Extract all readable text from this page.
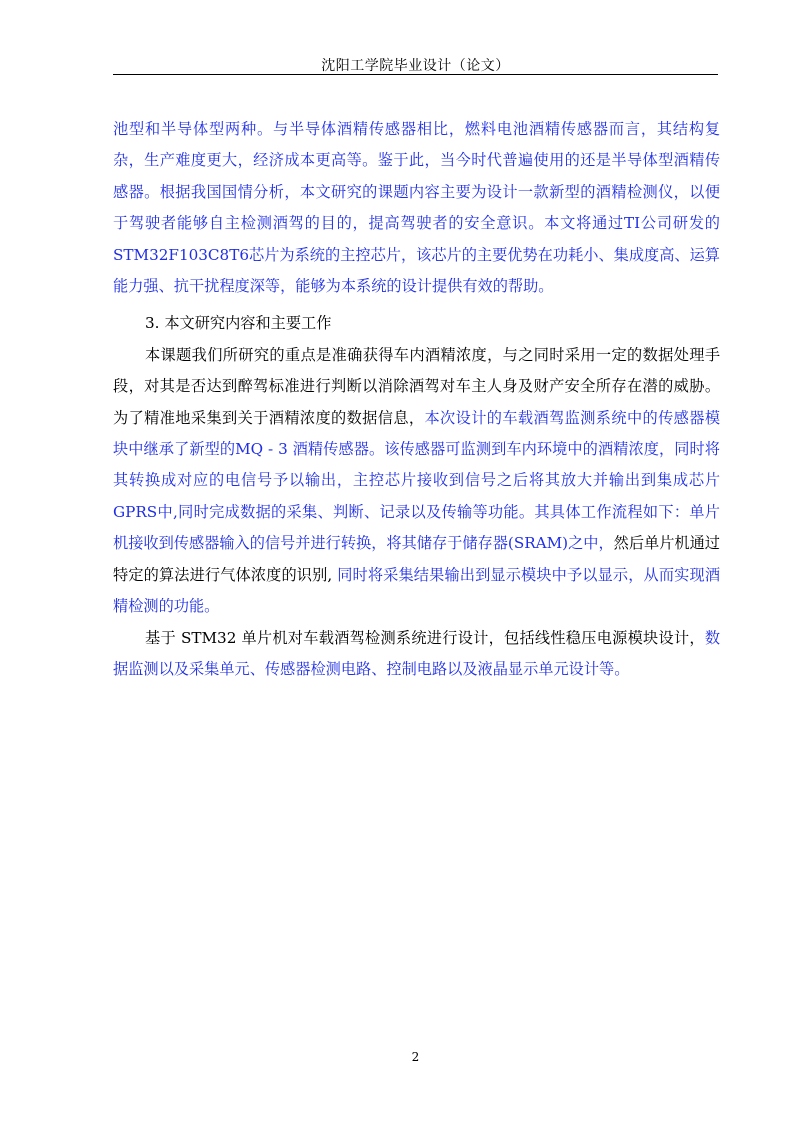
沈阳工学院毕业设计（论文）

池型和半导体型两种。与半导体酒精传感器相比，燃料电池酒精传感器而言，其结构复杂，生产难度更大，经济成本更高等。鉴于此，当今时代普遍使用的还是半导体型酒精传感器。根据我国国情分析，本文研究的课题内容主要为设计一款新型的酒精检测仪，以便于驾驶者能够自主检测酒驾的目的，提高驾驶者的安全意识。本文将通过TI公司研发的STM32F103C8T6芯片为系统的主控芯片，该芯片的主要优势在功耗小、集成度高、运算能力强、抗干扰程度深等，能够为本系统的设计提供有效的帮助。

3. 本文研究内容和主要工作

本课题我们所研究的重点是准确获得车内酒精浓度，与之同时采用一定的数据处理手段，对其是否达到醉驾标准进行判断以消除酒驾对车主人身及财产安全所存在潜的威胁。为了精准地采集到关于酒精浓度的数据信息，本次设计的车载酒驾监测系统中的传感器模块中继承了新型的MQ - 3 酒精传感器。该传感器可监测到车内环境中的酒精浓度，同时将其转换成对应的电信号予以输出，主控芯片接收到信号之后将其放大并输出到集成芯片GPRS中,同时完成数据的采集、判断、记录以及传输等功能。其具体工作流程如下：单片机接收到传感器输入的信号并进行转换，将其储存于储存器(SRAM)之中，然后单片机通过特定的算法进行气体浓度的识别, 同时将采集结果输出到显示模块中予以显示，从而实现酒精检测的功能。

基于 STM32 单片机对车载酒驾检测系统进行设计，包括线性稳压电源模块设计，数据监测以及采集单元、传感器检测电路、控制电路以及液晶显示单元设计等。

2
